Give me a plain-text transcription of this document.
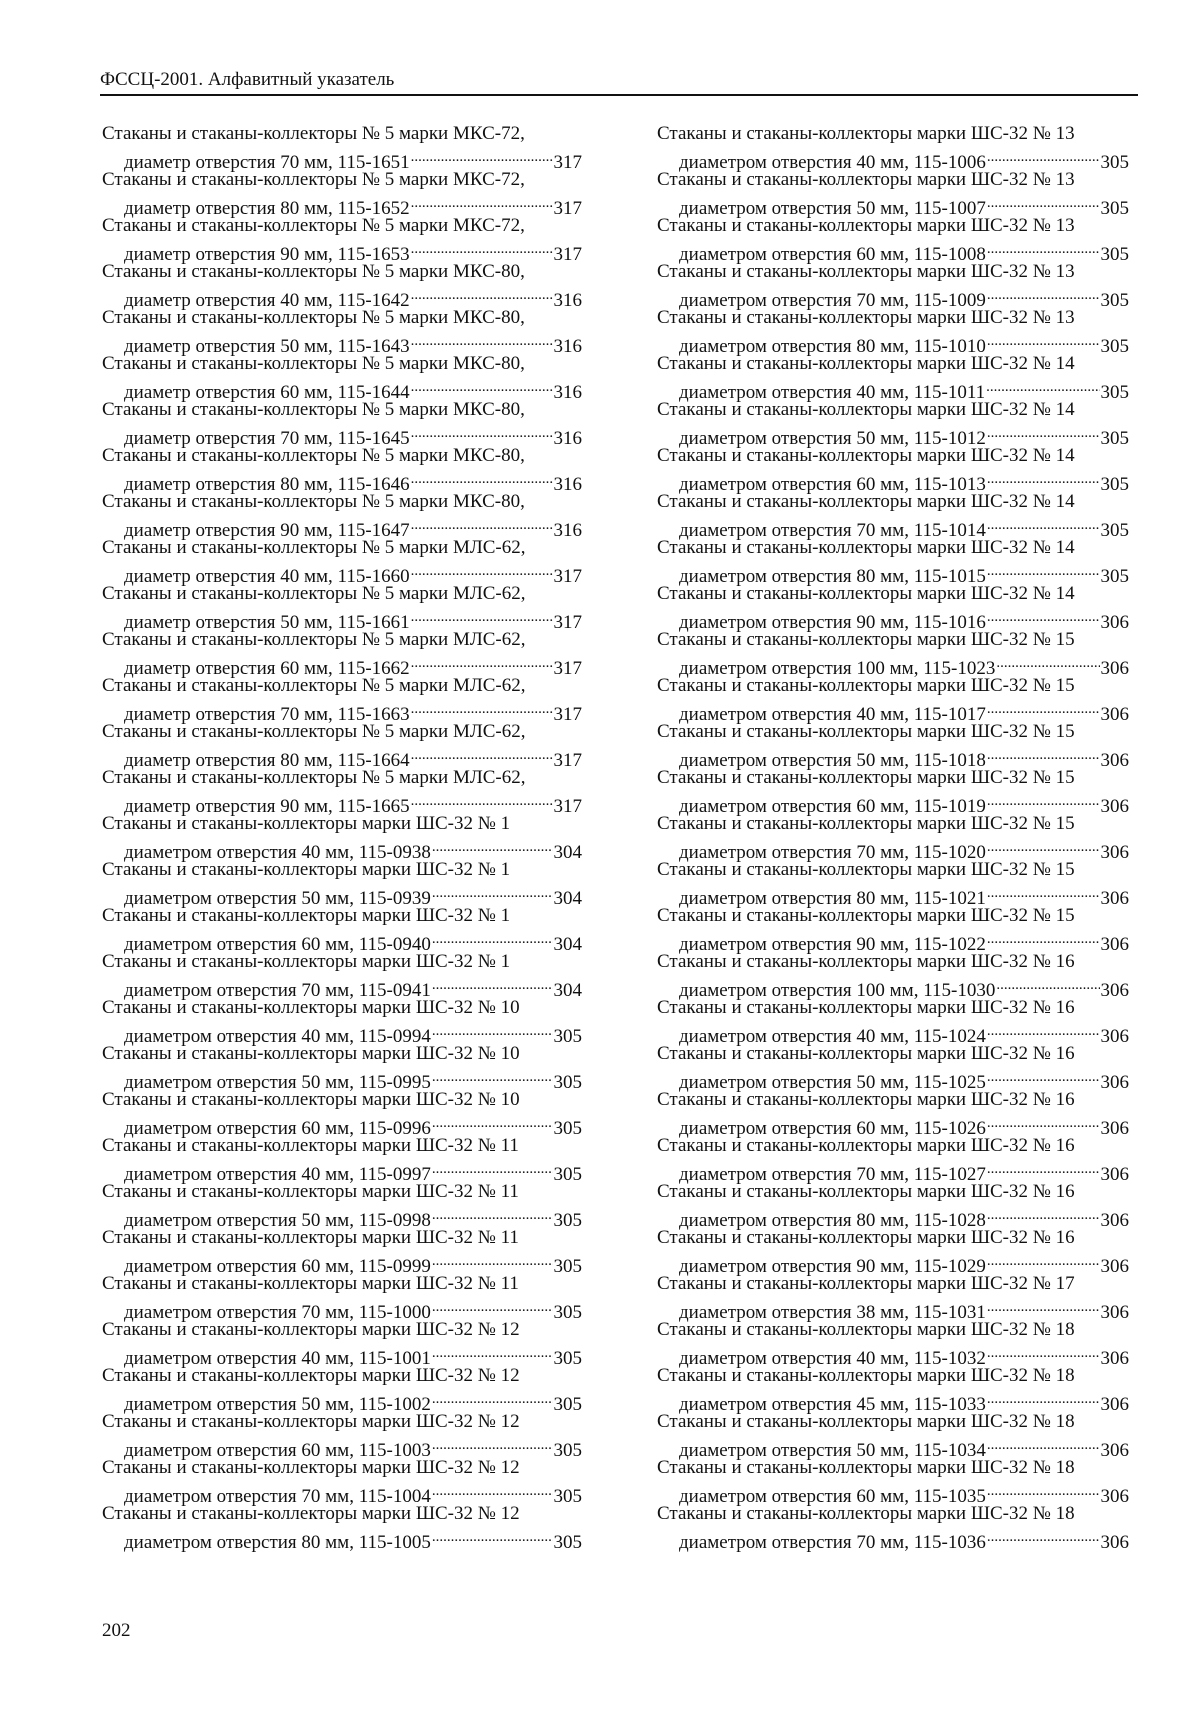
ФССЦ-2001. Алфавитный указатель
Стаканы и стаканы-коллекторы № 5 марки МКС-72,
диаметр отверстия 70 мм, 115-1651 .....	317
Стаканы и стаканы-коллекторы № 5 марки МКС-72,
диаметр отверстия 80 мм, 115-1652 .....	317
Стаканы и стаканы-коллекторы № 5 марки МКС-72,
диаметр отверстия 90 мм, 115-1653 .....	317
Стаканы и стаканы-коллекторы № 5 марки МКС-80,
диаметр отверстия 40 мм, 115-1642 .....	316
Стаканы и стаканы-коллекторы № 5 марки МКС-80,
диаметр отверстия 50 мм, 115-1643 .....	316
Стаканы и стаканы-коллекторы № 5 марки МКС-80,
диаметр отверстия 60 мм, 115-1644 .....	316
Стаканы и стаканы-коллекторы № 5 марки МКС-80,
диаметр отверстия 70 мм, 115-1645 .....	316
Стаканы и стаканы-коллекторы № 5 марки МКС-80,
диаметр отверстия 80 мм, 115-1646 .....	316
Стаканы и стаканы-коллекторы № 5 марки МКС-80,
диаметр отверстия 90 мм, 115-1647 .....	316
Стаканы и стаканы-коллекторы № 5 марки МЛС-62,
диаметр отверстия 40 мм, 115-1660 .....	317
Стаканы и стаканы-коллекторы № 5 марки МЛС-62,
диаметр отверстия 50 мм, 115-1661 .....	317
Стаканы и стаканы-коллекторы № 5 марки МЛС-62,
диаметр отверстия 60 мм, 115-1662 .....	317
Стаканы и стаканы-коллекторы № 5 марки МЛС-62,
диаметр отверстия 70 мм, 115-1663 .....	317
Стаканы и стаканы-коллекторы № 5 марки МЛС-62,
диаметр отверстия 80 мм, 115-1664 .....	317
Стаканы и стаканы-коллекторы № 5 марки МЛС-62,
диаметр отверстия 90 мм, 115-1665 .....	317
Стаканы и стаканы-коллекторы марки ШС-32 № 1
диаметром отверстия 40 мм, 115-0938 .....	304
Стаканы и стаканы-коллекторы марки ШС-32 № 1
диаметром отверстия 50 мм, 115-0939 .....	304
Стаканы и стаканы-коллекторы марки ШС-32 № 1
диаметром отверстия 60 мм, 115-0940 .....	304
Стаканы и стаканы-коллекторы марки ШС-32 № 1
диаметром отверстия 70 мм, 115-0941 .....	304
Стаканы и стаканы-коллекторы марки ШС-32 № 10
диаметром отверстия 40 мм, 115-0994 .....	305
Стаканы и стаканы-коллекторы марки ШС-32 № 10
диаметром отверстия 50 мм, 115-0995 .....	305
Стаканы и стаканы-коллекторы марки ШС-32 № 10
диаметром отверстия 60 мм, 115-0996 .....	305
Стаканы и стаканы-коллекторы марки ШС-32 № 11
диаметром отверстия 40 мм, 115-0997 .....	305
Стаканы и стаканы-коллекторы марки ШС-32 № 11
диаметром отверстия 50 мм, 115-0998 .....	305
Стаканы и стаканы-коллекторы марки ШС-32 № 11
диаметром отверстия 60 мм, 115-0999 .....	305
Стаканы и стаканы-коллекторы марки ШС-32 № 11
диаметром отверстия 70 мм, 115-1000 .....	305
Стаканы и стаканы-коллекторы марки ШС-32 № 12
диаметром отверстия 40 мм, 115-1001 .....	305
Стаканы и стаканы-коллекторы марки ШС-32 № 12
диаметром отверстия 50 мм, 115-1002 .....	305
Стаканы и стаканы-коллекторы марки ШС-32 № 12
диаметром отверстия 60 мм, 115-1003 .....	305
Стаканы и стаканы-коллекторы марки ШС-32 № 12
диаметром отверстия 70 мм, 115-1004 .....	305
Стаканы и стаканы-коллекторы марки ШС-32 № 12
диаметром отверстия 80 мм, 115-1005 .....	305
Стаканы и стаканы-коллекторы марки ШС-32 № 13
диаметром отверстия 40 мм, 115-1006 .....	305
Стаканы и стаканы-коллекторы марки ШС-32 № 13
диаметром отверстия 50 мм, 115-1007 .....	305
Стаканы и стаканы-коллекторы марки ШС-32 № 13
диаметром отверстия 60 мм, 115-1008 .....	305
Стаканы и стаканы-коллекторы марки ШС-32 № 13
диаметром отверстия 70 мм, 115-1009 .....	305
Стаканы и стаканы-коллекторы марки ШС-32 № 13
диаметром отверстия 80 мм, 115-1010 .....	305
Стаканы и стаканы-коллекторы марки ШС-32 № 14
диаметром отверстия 40 мм, 115-1011 .....	305
Стаканы и стаканы-коллекторы марки ШС-32 № 14
диаметром отверстия 50 мм, 115-1012 .....	305
Стаканы и стаканы-коллекторы марки ШС-32 № 14
диаметром отверстия 60 мм, 115-1013 .....	305
Стаканы и стаканы-коллекторы марки ШС-32 № 14
диаметром отверстия 70 мм, 115-1014 .....	305
Стаканы и стаканы-коллекторы марки ШС-32 № 14
диаметром отверстия 80 мм, 115-1015 .....	305
Стаканы и стаканы-коллекторы марки ШС-32 № 14
диаметром отверстия 90 мм, 115-1016 .....	306
Стаканы и стаканы-коллекторы марки ШС-32 № 15
диаметром отверстия 100 мм, 115-1023 .....	306
Стаканы и стаканы-коллекторы марки ШС-32 № 15
диаметром отверстия 40 мм, 115-1017 .....	306
Стаканы и стаканы-коллекторы марки ШС-32 № 15
диаметром отверстия 50 мм, 115-1018 .....	306
Стаканы и стаканы-коллекторы марки ШС-32 № 15
диаметром отверстия 60 мм, 115-1019 .....	306
Стаканы и стаканы-коллекторы марки ШС-32 № 15
диаметром отверстия 70 мм, 115-1020 .....	306
Стаканы и стаканы-коллекторы марки ШС-32 № 15
диаметром отверстия 80 мм, 115-1021 .....	306
Стаканы и стаканы-коллекторы марки ШС-32 № 15
диаметром отверстия 90 мм, 115-1022 .....	306
Стаканы и стаканы-коллекторы марки ШС-32 № 16
диаметром отверстия 100 мм, 115-1030 .....	306
Стаканы и стаканы-коллекторы марки ШС-32 № 16
диаметром отверстия 40 мм, 115-1024 .....	306
Стаканы и стаканы-коллекторы марки ШС-32 № 16
диаметром отверстия 50 мм, 115-1025 .....	306
Стаканы и стаканы-коллекторы марки ШС-32 № 16
диаметром отверстия 60 мм, 115-1026 .....	306
Стаканы и стаканы-коллекторы марки ШС-32 № 16
диаметром отверстия 70 мм, 115-1027 .....	306
Стаканы и стаканы-коллекторы марки ШС-32 № 16
диаметром отверстия 80 мм, 115-1028 .....	306
Стаканы и стаканы-коллекторы марки ШС-32 № 16
диаметром отверстия 90 мм, 115-1029 .....	306
Стаканы и стаканы-коллекторы марки ШС-32 № 17
диаметром отверстия 38 мм, 115-1031 .....	306
Стаканы и стаканы-коллекторы марки ШС-32 № 18
диаметром отверстия 40 мм, 115-1032 .....	306
Стаканы и стаканы-коллекторы марки ШС-32 № 18
диаметром отверстия 45 мм, 115-1033 .....	306
Стаканы и стаканы-коллекторы марки ШС-32 № 18
диаметром отверстия 50 мм, 115-1034 .....	306
Стаканы и стаканы-коллекторы марки ШС-32 № 18
диаметром отверстия 60 мм, 115-1035 .....	306
Стаканы и стаканы-коллекторы марки ШС-32 № 18
диаметром отверстия 70 мм, 115-1036 .....	306
202
